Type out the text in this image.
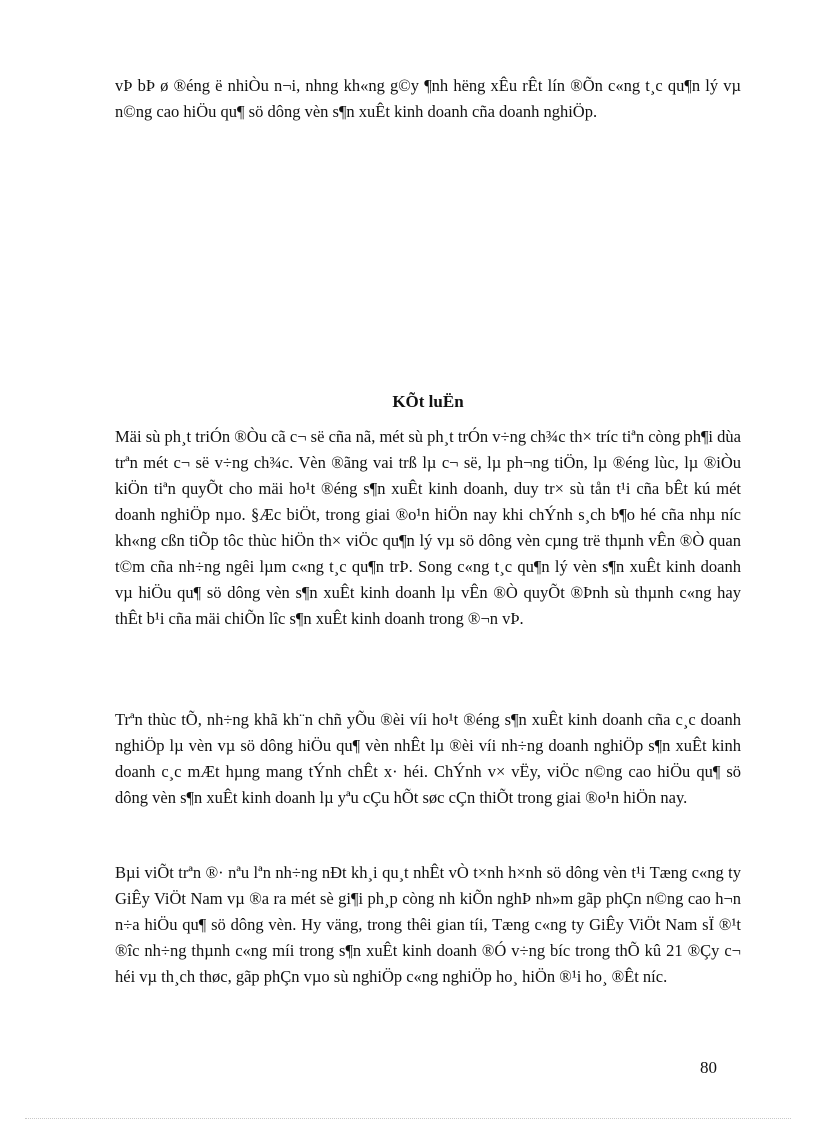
vÞ bÞ ø ®éng ë nhiÒu n¬i, nhng kh«ng g©y ¶nh hëng xÊu rÊt lín ®Õn c«ng t¸c qu¶n lý vµ n©ng cao hiÖu qu¶ sö dông vèn s¶n xuÊt kinh doanh cña doanh nghiÖp.

KÕt luËn

Mäi sù ph¸t triÓn ®Òu cã c¬ së cña nã, mét sù ph¸t trÓn v÷ng ch¾c th× tríc tiªn còng ph¶i dùa trªn mét c¬ së v÷ng ch¾c. Vèn ®ãng vai trß lµ c¬ së, lµ ph¬ng tiÖn, lµ ®éng lùc, lµ ®iÒu kiÖn tiªn quyÕt cho mäi ho¹t ®éng s¶n xuÊt kinh doanh, duy tr× sù tån t¹i cña bÊt kú mét doanh nghiÖp nµo. §Æc biÖt, trong giai ®o¹n hiÖn nay khi chÝnh s¸ch b¶o hé cña nhµ níc kh«ng cßn tiÕp tôc thùc hiÖn th× viÖc qu¶n lý vµ sö dông vèn cµng trë thµnh vÊn ®Ò quan t©m cña nh÷ng ngêi lµm c«ng t¸c qu¶n trÞ. Song c«ng t¸c qu¶n lý vèn s¶n xuÊt kinh doanh vµ hiÖu qu¶ sö dông vèn s¶n xuÊt kinh doanh lµ vÊn ®Ò quyÕt ®Þnh sù thµnh c«ng hay thÊt b¹i cña mäi chiÕn lîc s¶n xuÊt kinh doanh trong ®¬n vÞ.

Trªn thùc tÕ, nh÷ng khã kh¨n chñ yÕu ®èi víi ho¹t ®éng s¶n xuÊt kinh doanh cña c¸c doanh nghiÖp lµ vèn vµ sö dông hiÖu qu¶ vèn nhÊt lµ ®èi víi nh÷ng doanh nghiÖp s¶n xuÊt kinh doanh c¸c mÆt hµng mang tÝnh chÊt x· héi. ChÝnh v× vËy, viÖc n©ng cao hiÖu qu¶ sö dông vèn s¶n xuÊt kinh doanh lµ yªu cÇu hÕt søc cÇn thiÕt trong giai ®o¹n hiÖn nay.

Bµi viÕt trªn ®· nªu lªn nh÷ng nÐt kh¸i qu¸t nhÊt vÒ t×nh h×nh sö dông vèn t¹i Tæng c«ng ty GiÊy ViÖt Nam vµ ®a ra mét sè gi¶i ph¸p còng nh kiÕn nghÞ nh»m gãp phÇn n©ng cao h¬n n÷a hiÖu qu¶ sö dông vèn. Hy väng, trong thêi gian tíi, Tæng c«ng ty GiÊy ViÖt Nam sÏ ®¹t ®îc nh÷ng thµnh c«ng míi trong s¶n xuÊt kinh doanh ®Ó v÷ng bíc trong thÕ kû 21 ®Çy c¬ héi vµ th¸ch thøc, gãp phÇn vµo sù nghiÖp c«ng nghiÖp ho¸ hiÖn ®¹i ho¸ ®Êt níc.

80
